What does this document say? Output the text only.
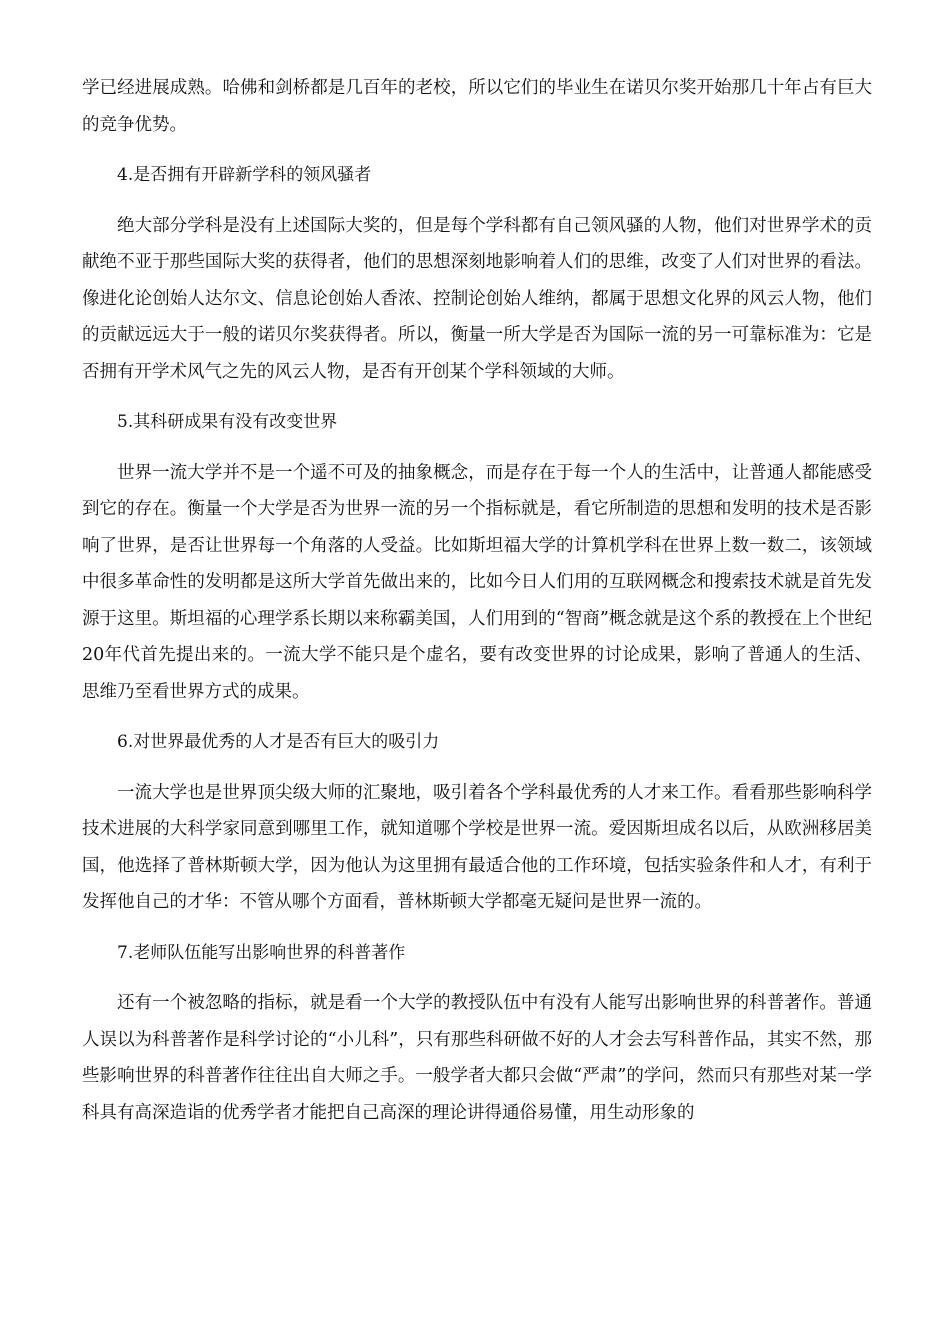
学已经进展成熟。哈佛和剑桥都是几百年的老校，所以它们的毕业生在诺贝尔奖开始那几十年占有巨大的竞争优势。

4.是否拥有开辟新学科的领风骚者

绝大部分学科是没有上述国际大奖的，但是每个学科都有自己领风骚的人物，他们对世界学术的贡献绝不亚于那些国际大奖的获得者，他们的思想深刻地影响着人们的思维，改变了人们对世界的看法。像进化论创始人达尔文、信息论创始人香浓、控制论创始人维纳，都属于思想文化界的风云人物，他们的贡献远远大于一般的诺贝尔奖获得者。所以，衡量一所大学是否为国际一流的另一可靠标准为：它是否拥有开学术风气之先的风云人物，是否有开创某个学科领域的大师。

5.其科研成果有没有改变世界

世界一流大学并不是一个遥不可及的抽象概念，而是存在于每一个人的生活中，让普通人都能感受到它的存在。衡量一个大学是否为世界一流的另一个指标就是，看它所制造的思想和发明的技术是否影响了世界，是否让世界每一个角落的人受益。比如斯坦福大学的计算机学科在世界上数一数二，该领域中很多革命性的发明都是这所大学首先做出来的，比如今日人们用的互联网概念和搜索技术就是首先发源于这里。斯坦福的心理学系长期以来称霸美国，人们用到的“智商”概念就是这个系的教授在上个世纪20年代首先提出来的。一流大学不能只是个虚名，要有改变世界的讨论成果，影响了普通人的生活、思维乃至看世界方式的成果。

6.对世界最优秀的人才是否有巨大的吸引力

一流大学也是世界顶尖级大师的汇聚地，吸引着各个学科最优秀的人才来工作。看看那些影响科学技术进展的大科学家同意到哪里工作，就知道哪个学校是世界一流。爱因斯坦成名以后，从欧洲移居美国，他选择了普林斯顿大学，因为他认为这里拥有最适合他的工作环境，包括实验条件和人才，有利于发挥他自己的才华：不管从哪个方面看，普林斯顿大学都毫无疑问是世界一流的。

7.老师队伍能写出影响世界的科普著作

还有一个被忽略的指标，就是看一个大学的教授队伍中有没有人能写出影响世界的科普著作。普通人误以为科普著作是科学讨论的“小儿科”，只有那些科研做不好的人才会去写科普作品，其实不然，那些影响世界的科普著作往往出自大师之手。一般学者大都只会做“严肃”的学问，然而只有那些对某一学科具有高深造诣的优秀学者才能把自己高深的理论讲得通俗易懂，用生动形象的
